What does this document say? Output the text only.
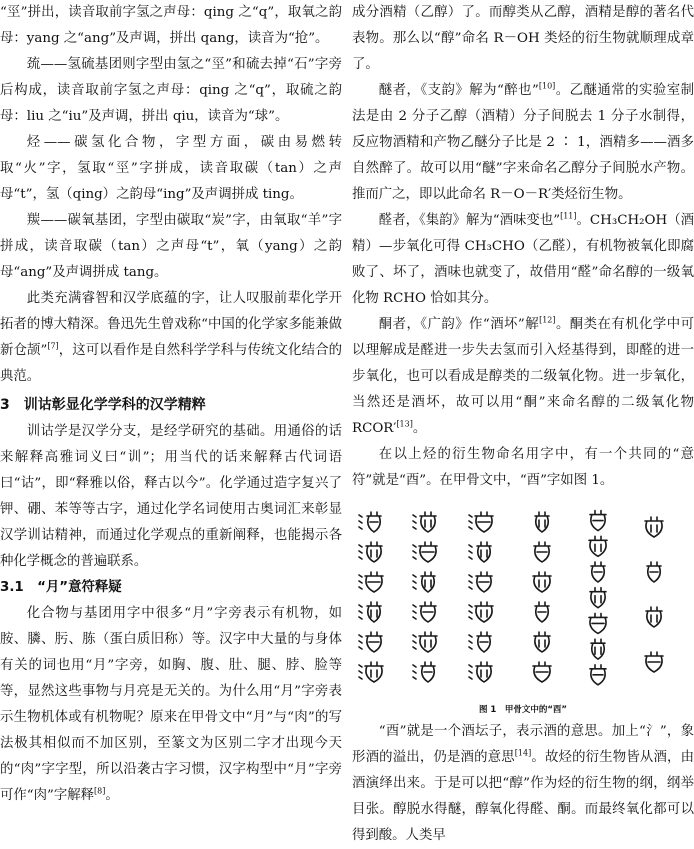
“巠”拼出，读音取前字氢之声母：qing 之“q”，取氧之韵母：yang 之“ang”及声调，拼出 qang，读音为“抢”。

巯——氢硫基团则字型由氢之“巠”和硫去掉“石”字旁后构成，读音取前字氢之声母：qing 之“q”，取硫之韵母：liu 之“iu”及声调，拼出 qiu，读音为“球”。

烃——碳氢化合物，字型方面，碳由易燃转取“火”字，氢取“巠”字拼成，读音取碳（tan）之声母“t”，氢（qing）之韵母“ing”及声调拼成 ting。

羰——碳氧基团，字型由碳取“炭”字，由氧取“羊”字拼成，读音取碳（tan）之声母“t”，氧（yang）之韵母“ang”及声调拼成 tang。

此类充满睿智和汉学底蕴的字，让人叹服前辈化学开拓者的博大精深。鲁迅先生曾戏称“中国的化学家多能兼做新仓颉”[7]，这可以看作是自然科学学科与传统文化结合的典范。

3　训诂彰显化学学科的汉学精粹

训诂学是汉学分支，是经学研究的基础。用通俗的话来解释高雅词义曰“训”；用当代的话来解释古代词语曰“诂”，即“释雅以俗，释古以今”。化学通过造字复兴了钾、硼、苯等等古字，通过化学名词使用古奥词汇来彰显汉学训诂精神，而通过化学观点的重新阐释，也能揭示各种化学概念的普遍联系。

3.1　“月”意符释疑

化合物与基团用字中很多“月”字旁表示有机物，如胺、膦、肟、胨（蛋白质旧称）等。汉字中大量的与身体有关的词也用“月”字旁，如胸、腹、肚、腿、脖、脸等等，显然这些事物与月亮是无关的。为什么用“月”字旁表示生物机体或有机物呢？原来在甲骨文中“月”与“肉”的写法极其相似而不加区别，至篆文为区别二字才出现今天的“肉”字字型，所以沿袭古字习惯，汉字构型中“月”字旁可作“肉”字解释[8]。

成分酒精（乙醇）了。而醇类从乙醇，酒精是醇的著名代表物。那么以“醇”命名 R－OH 类烃的衍生物就顺理成章了。

醚者，《支韵》解为“醉也”[10]。乙醚通常的实验室制法是由 2 分子乙醇（酒精）分子间脱去 1 分子水制得，反应物酒精和产物乙醚分子比是 2 ∶ 1，酒精多——酒多自然醉了。故可以用“醚”字来命名乙醇分子间脱水产物。推而广之，即以此命名 R－O－R′类烃衍生物。

醛者，《集韵》解为“酒味变也”[11]。CH₃CH₂OH（酒精）—步氧化可得 CH₃CHO（乙醛），有机物被氧化即腐败了、坏了，酒味也就变了，故借用“醛”命名醇的一级氧化物 RCHO 恰如其分。

酮者，《广韵》作“酒坏”解[12]。酮类在有机化学中可以理解成是醛进一步失去氢而引入烃基得到，即醛的进一步氧化，也可以看成是醇类的二级氧化物。进一步氧化，当然还是酒坏，故可以用“酮”来命名醇的二级氧化物 RCOR′[13]。

在以上烃的衍生物命名用字中，有一个共同的“意符”就是“酉”。在甲骨文中，“酉”字如图 1。

图 1　甲骨文中的“酉”

“酉”就是一个酒坛子，表示酒的意思。加上“氵”，象形酒的溢出，仍是酒的意思[14]。故烃的衍生物皆从酒，由酒演绎出来。于是可以把“醇”作为烃的衍生物的纲，纲举目张。醇脱水得醚，醇氧化得醛、酮。而最终氧化都可以得到酸。人类早
